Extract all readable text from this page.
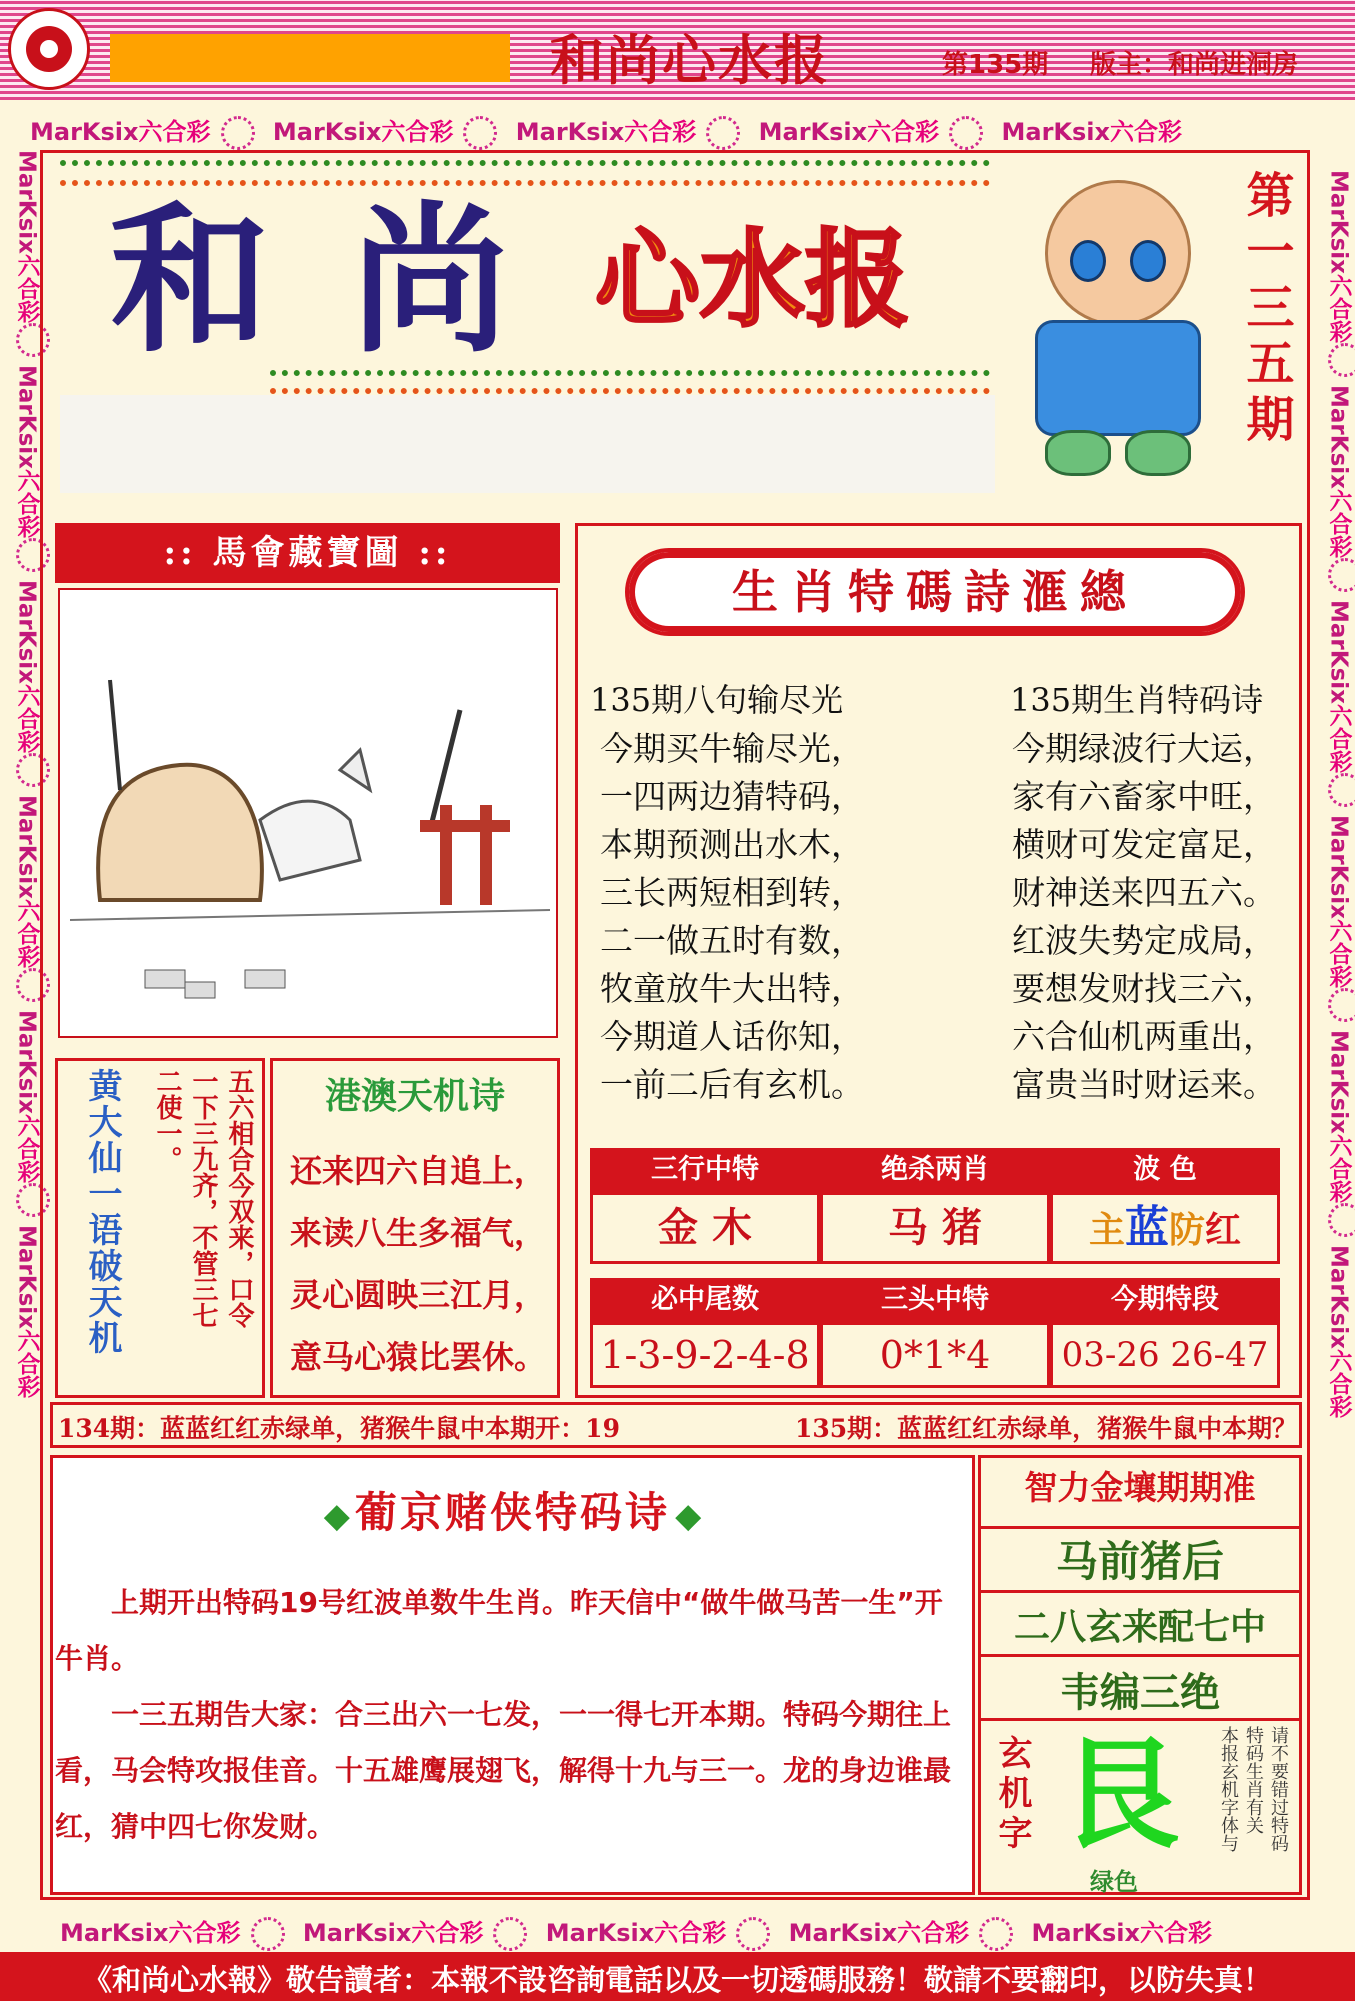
和尚心水报	第135期 版主：和尚进洞房
MarKsix六合彩	MarKsix六合彩	MarKsix六合彩	MarKsix六合彩	MarKsix六合彩
MarKsix六合彩	MarKsix六合彩	MarKsix六合彩	MarKsix六合彩	MarKsix六合彩
MarKsix六合彩 MarKsix六合彩 MarKsix六合彩 MarKsix六合彩 MarKsix六合彩 MarKsix六合彩
MarKsix六合彩 MarKsix六合彩 MarKsix六合彩 MarKsix六合彩 MarKsix六合彩 MarKsix六合彩
和 尚 心水报	第一三五期
:: 馬會藏寶圖 ::
黄大仙一语破天机	五六相合今双来，口令
一下三九齐，不管三七
二使一。	港澳天机诗
还来四六自追上，
来读八生多福气，
灵心圆映三江月，
意马心猿比罢休。
生肖特碼詩滙總
135期八句输尽光	135期生肖特码诗
今期买牛输尽光，
一四两边猜特码，
本期预测出水木，
三长两短相到转，
二一做五时有数，
牧童放牛大出特，
今期道人话你知，
一前二后有玄机。
今期绿波行大运，
家有六畜家中旺，
横财可发定富足，
财神送来四五六。
红波失势定成局，
要想发财找三六，
六合仙机两重出，
富贵当时财运来。
三行中特	绝杀两肖	波 色
金 木	马 猪	主蓝防红
必中尾数	三头中特	今期特段
1-3-9-2-4-8	0*1*4	03-26 26-47
134期：蓝蓝红红赤绿单，猪猴牛鼠中本期开：19	135期：蓝蓝红红赤绿单，猪猴牛鼠中本期？
◆ 葡京赌侠特码诗 ◆
上期开出特码19号红波单数牛生肖。昨天信中“做牛做马苦一生”开牛肖。
一三五期告大家：合三出六一七发，一一得七开本期。特码今期往上看，马会特攻报佳音。十五雄鹰展翅飞，解得十九与三一。龙的身边谁最红，猜中四七你发财。
智力金壤期期准
马前猪后
二八玄来配七中
韦编三绝
玄机字 艮
绿色
请不要错过特码
特码生肖有关
本报玄机字体与
《和尚心水報》敬告讀者：本報不設咨詢電話以及一切透碼服務！敬請不要翻印，以防失真！
